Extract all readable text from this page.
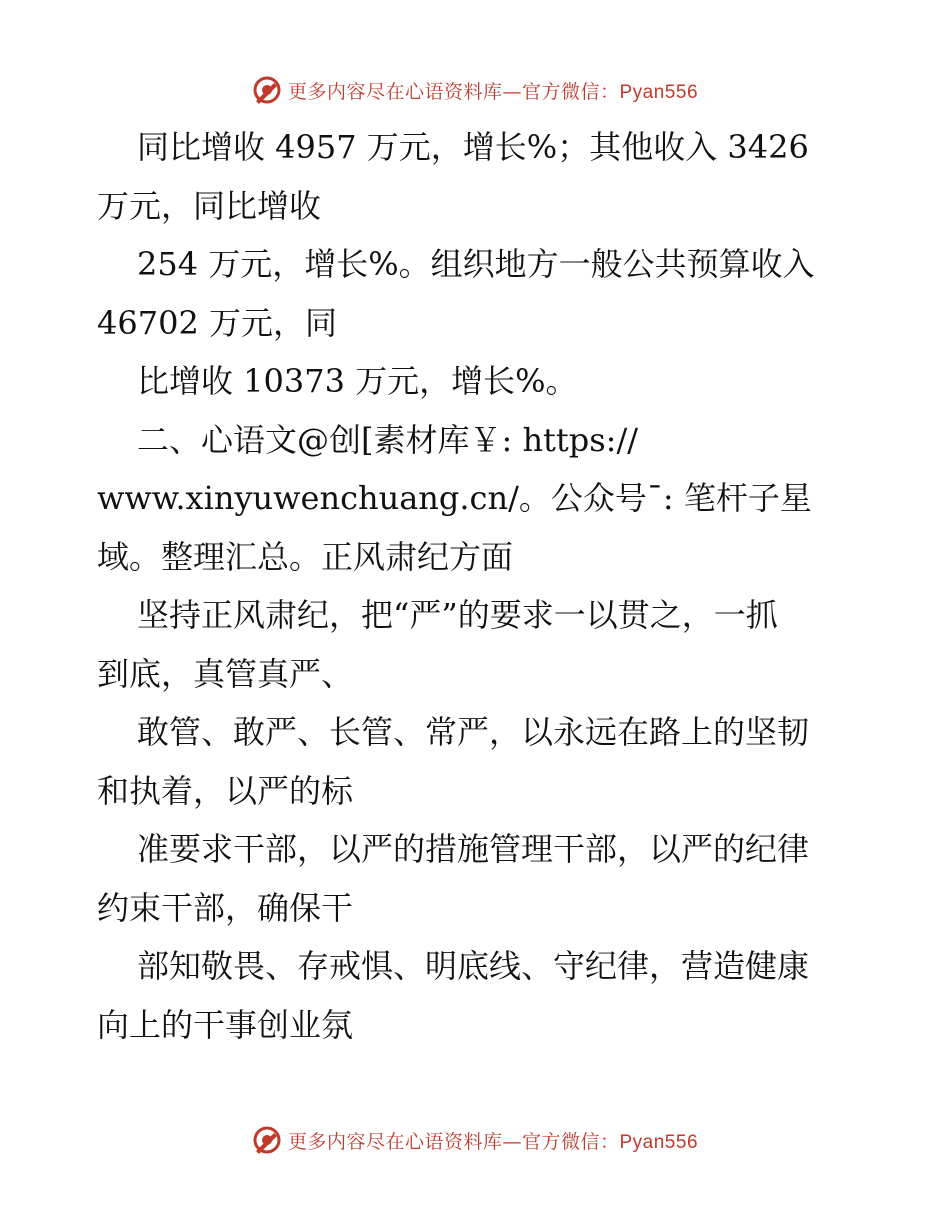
更多内容尽在心语资料库—官方微信：Pyan556
同比增收 4957 万元，增长%；其他收入 3426
万元，同比增收
254 万元，增长%。组织地方一般公共预算收入
46702 万元，同
比增收 10373 万元，增长%。
二、心语文@创[素材库￥: https://
www.xinyuwenchuang.cn/。公众号¯: 笔杆子星
域。整理汇总。正风肃纪方面
坚持正风肃纪，把“严”的要求一以贯之，一抓
到底，真管真严、
敢管、敢严、长管、常严，以永远在路上的坚韧
和执着，以严的标
准要求干部，以严的措施管理干部，以严的纪律
约束干部，确保干
部知敬畏、存戒惧、明底线、守纪律，营造健康
向上的干事创业氛
更多内容尽在心语资料库—官方微信：Pyan556
